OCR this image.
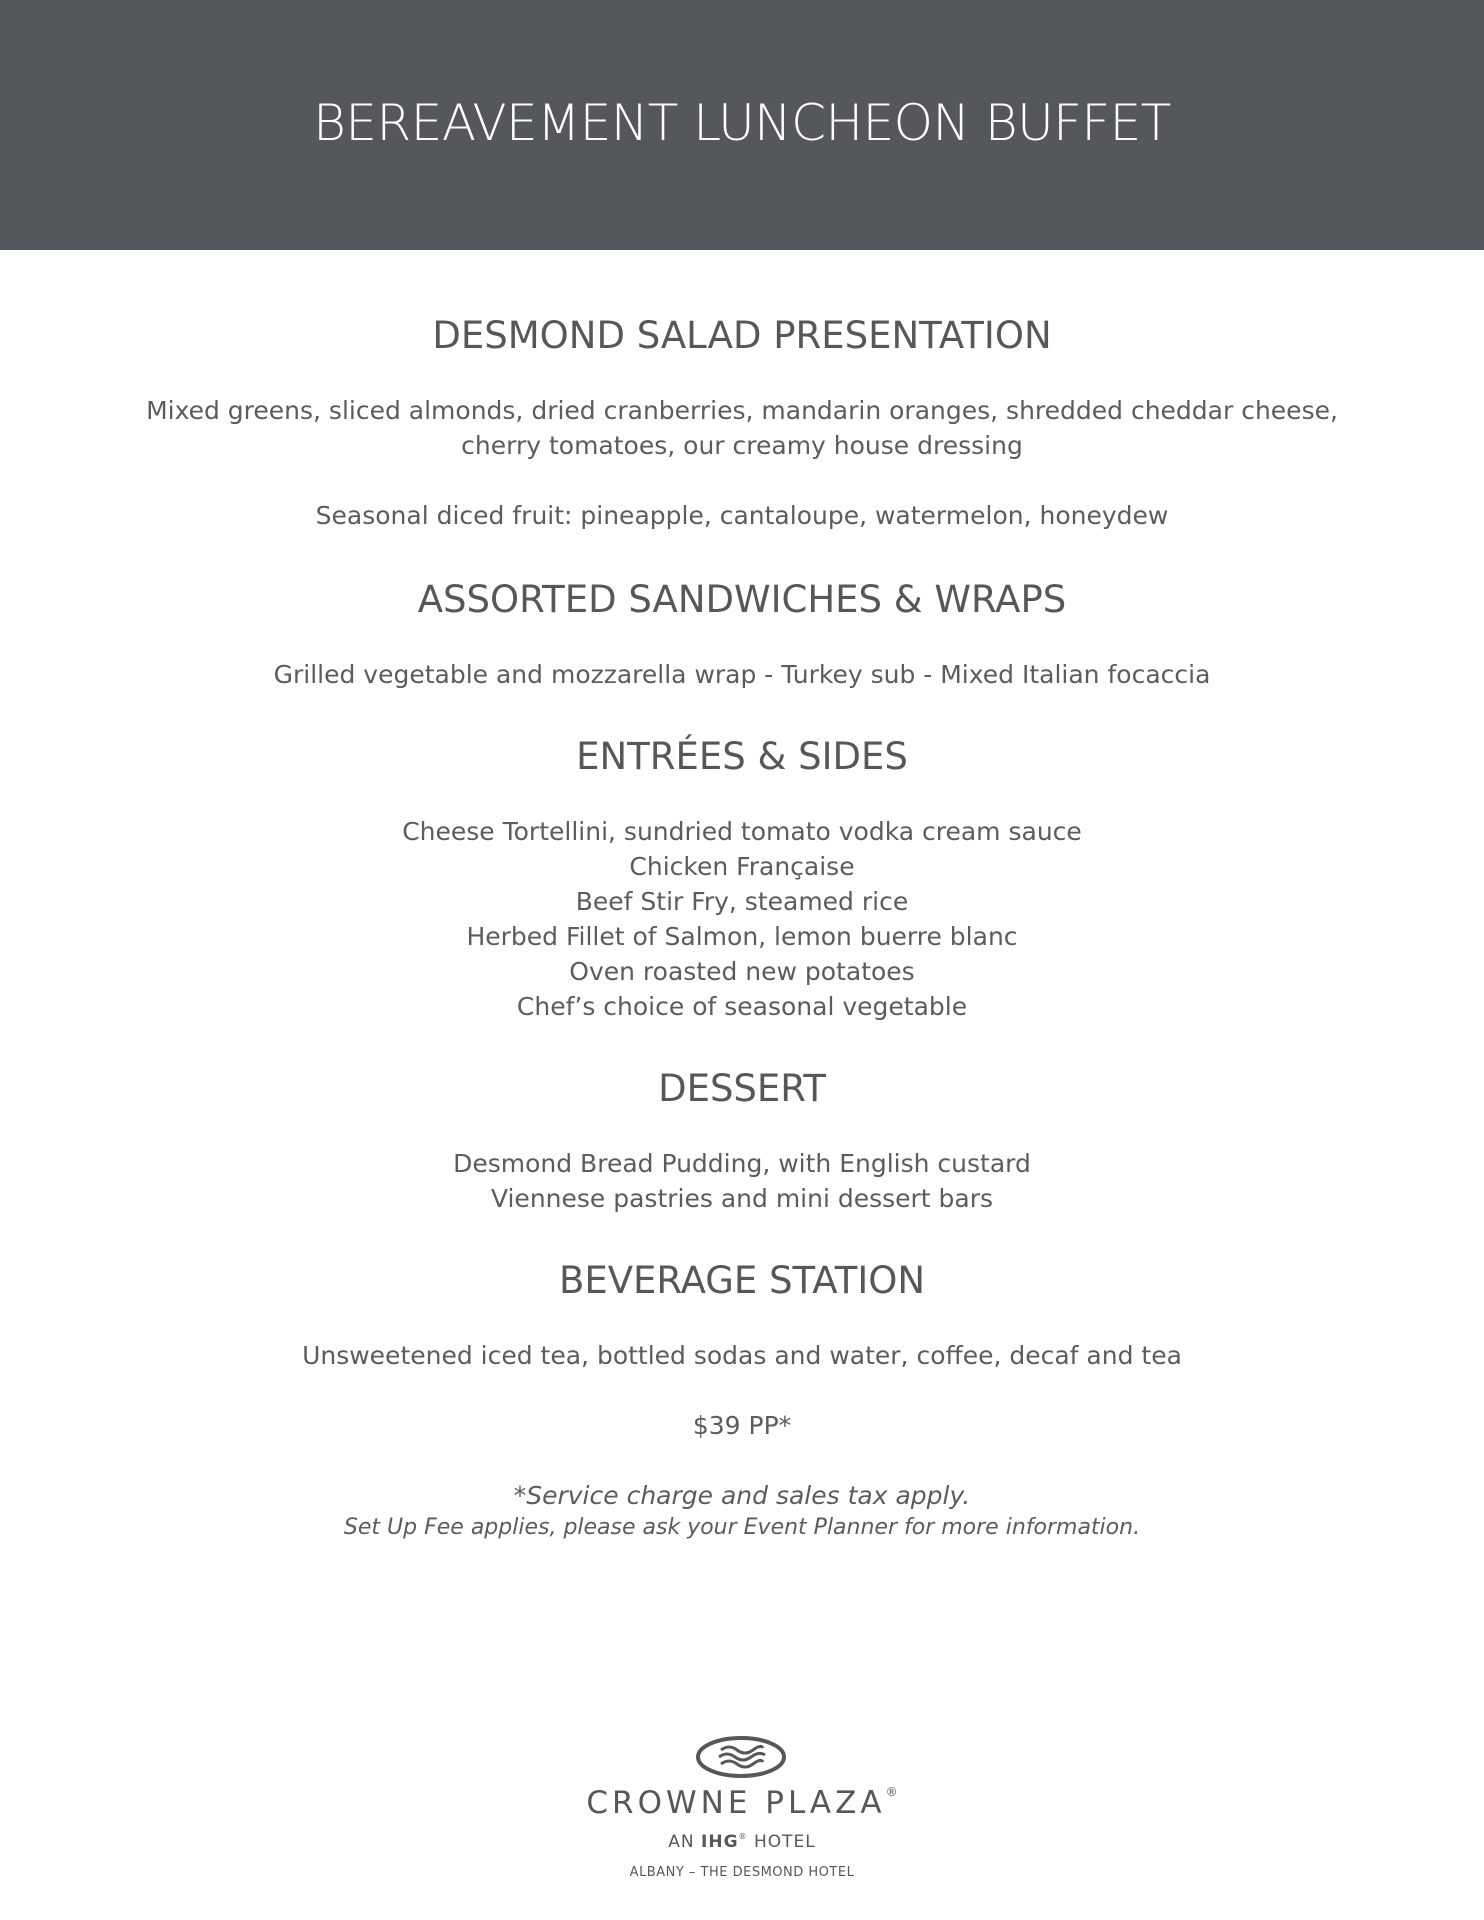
BEREAVEMENT LUNCHEON BUFFET
DESMOND SALAD PRESENTATION

Mixed greens, sliced almonds, dried cranberries, mandarin oranges, shredded cheddar cheese,

cherry tomatoes, our creamy house dressing

Seasonal diced fruit: pineapple, cantaloupe, watermelon, honeydew

ASSORTED SANDWICHES & WRAPS

Grilled vegetable and mozzarella wrap - Turkey sub - Mixed Italian focaccia

ENTRÉES & SIDES

Cheese Tortellini, sundried tomato vodka cream sauce

Chicken Française

Beef Stir Fry, steamed rice

Herbed Fillet of Salmon, lemon buerre blanc

Oven roasted new potatoes

Chef’s choice of seasonal vegetable

DESSERT

Desmond Bread Pudding, with English custard

Viennese pastries and mini dessert bars

BEVERAGE STATION

Unsweetened iced tea, bottled sodas and water, coffee, decaf and tea

$39 PP*

*Service charge and sales tax apply.

Set Up Fee applies, please ask your Event Planner for more information.

CROWNE PLAZA®
AN IHG® HOTEL
ALBANY – THE DESMOND HOTEL
